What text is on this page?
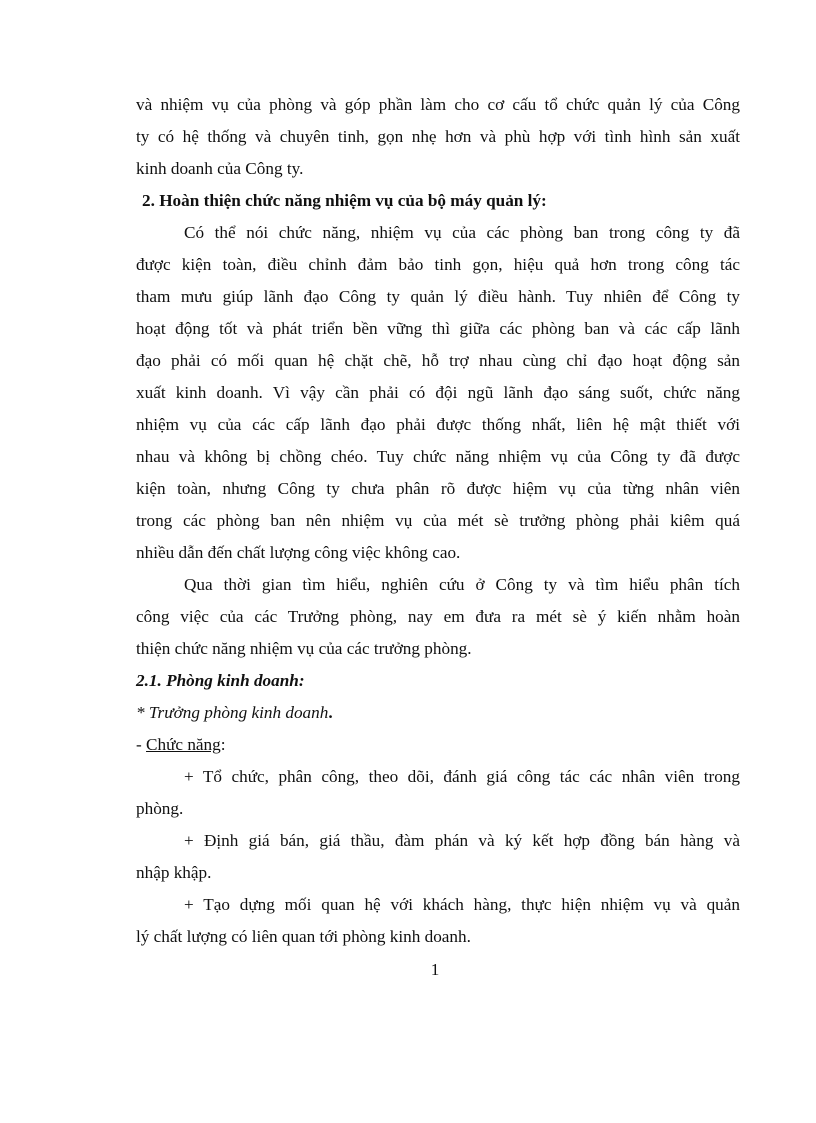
và nhiệm vụ của phòng và góp phần làm cho cơ cấu tổ chức quản lý của Công
ty có hệ thống và chuyên tinh, gọn nhẹ hơn và phù hợp với tình hình sản xuất
kinh doanh của Công ty.
2. Hoàn thiện chức năng nhiệm vụ của bộ máy quản lý:
Có thể nói chức năng, nhiệm vụ của các phòng ban trong công ty đã
được kiện toàn, điều chỉnh đảm bảo tinh gọn, hiệu quả hơn trong công tác
tham mưu giúp lãnh đạo Công ty quản lý điều hành. Tuy nhiên để Công ty
hoạt động tốt và phát triển bền vững thì giữa các phòng ban và các cấp lãnh
đạo phải có mối quan hệ chặt chẽ, hỗ trợ nhau cùng chỉ đạo hoạt động sản
xuất kinh doanh. Vì vậy cần phải có đội ngũ lãnh đạo sáng suốt, chức năng
nhiệm vụ của các cấp lãnh đạo phải được thống nhất, liên hệ mật thiết với
nhau và không bị chồng chéo. Tuy chức năng nhiệm vụ của Công ty đã được
kiện toàn, nhưng Công ty chưa phân rõ được hiệm vụ của từng nhân viên
trong các phòng ban nên nhiệm vụ của mét sè trưởng phòng phải kiêm quá
nhiều dẫn đến chất lượng công việc không cao.
Qua thời gian tìm hiểu, nghiên cứu ở Công ty và tìm hiểu phân tích
công việc của các Trưởng phòng, nay em đưa ra mét sè ý kiến nhằm hoàn
thiện chức năng nhiệm vụ của các trưởng phòng.
2.1. Phòng kinh doanh:
* Trưởng phòng kinh doanh.
- Chức năng:
+ Tổ chức, phân công, theo dõi, đánh giá công tác các nhân viên trong
phòng.
+ Định giá bán, giá thầu, đàm phán và ký kết hợp đồng bán hàng và
nhập khập.
+ Tạo dựng mối quan hệ với khách hàng, thực hiện nhiệm vụ và quản
lý chất lượng có liên quan tới phòng kinh doanh.
1
